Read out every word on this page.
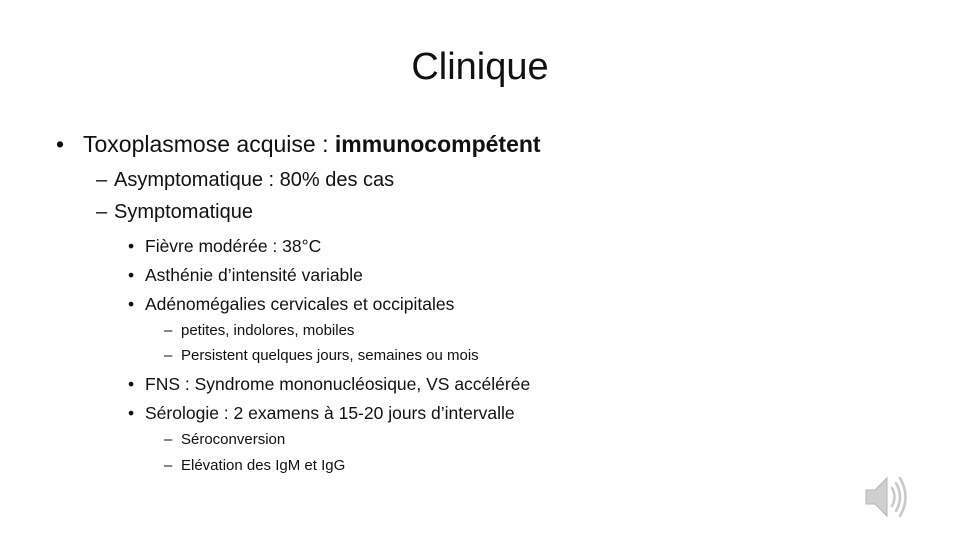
Clinique
• Toxoplasmose acquise : immunocompétent
– Asymptomatique : 80% des cas
– Symptomatique
• Fièvre modérée : 38°C
• Asthénie d’intensité variable
• Adénomégalies cervicales et occipitales
– petites, indolores, mobiles
– Persistent quelques jours, semaines ou mois
• FNS : Syndrome mononucléosique, VS accélérée
• Sérologie : 2 examens à 15-20 jours d’intervalle
– Séroconversion
– Elévation des IgM et IgG
